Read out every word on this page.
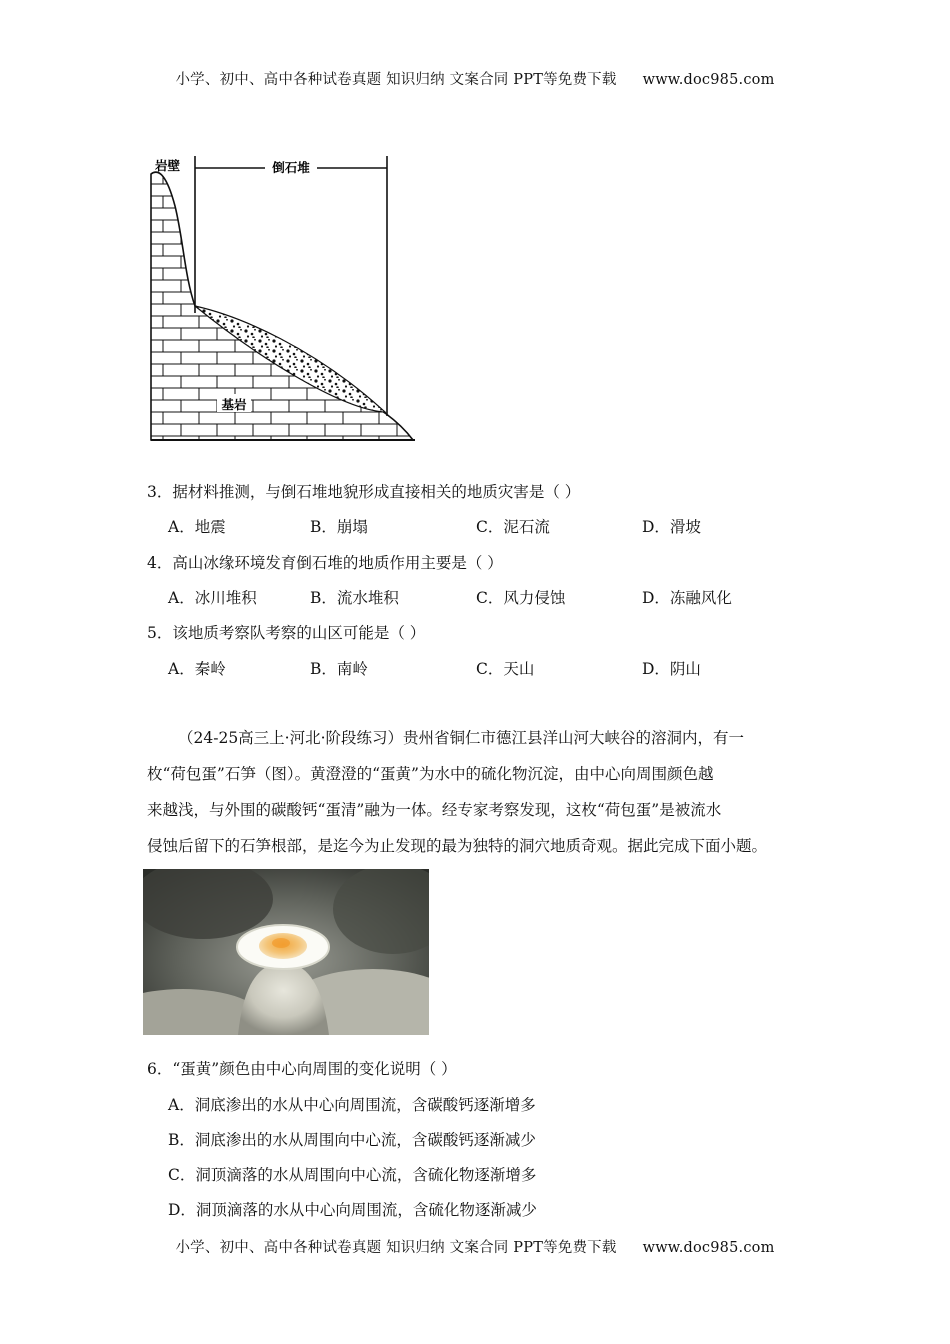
小学、初中、高中各种试卷真题 知识归纳 文案合同 PPT等免费下载 www.doc985.com
岩壁	倒石堆
基岩
3．据材料推测，与倒石堆地貌形成直接相关的地质灾害是（ ）
A．地震	B．崩塌	C．泥石流	D．滑坡
4．高山冰缘环境发育倒石堆的地质作用主要是（ ）
A．冰川堆积	B．流水堆积	C．风力侵蚀	D．冻融风化
5．该地质考察队考察的山区可能是（ ）
A．秦岭	B．南岭	C．天山	D．阴山

（24-25高三上·河北·阶段练习）贵州省铜仁市德江县洋山河大峡谷的溶洞内，有一

枚“荷包蛋”石笋（图）。黄澄澄的“蛋黄”为水中的硫化物沉淀，由中心向周围颜色越

来越浅，与外围的碳酸钙“蛋清”融为一体。经专家考察发现，这枚“荷包蛋”是被流水

侵蚀后留下的石笋根部，是迄今为止发现的最为独特的洞穴地质奇观。据此完成下面小题。

6．“蛋黄”颜色由中心向周围的变化说明（ ）
A．洞底渗出的水从中心向周围流，含碳酸钙逐渐增多
B．洞底渗出的水从周围向中心流，含碳酸钙逐渐减少
C．洞顶滴落的水从周围向中心流，含硫化物逐渐增多
D．洞顶滴落的水从中心向周围流，含硫化物逐渐减少
小学、初中、高中各种试卷真题 知识归纳 文案合同 PPT等免费下载 www.doc985.com
